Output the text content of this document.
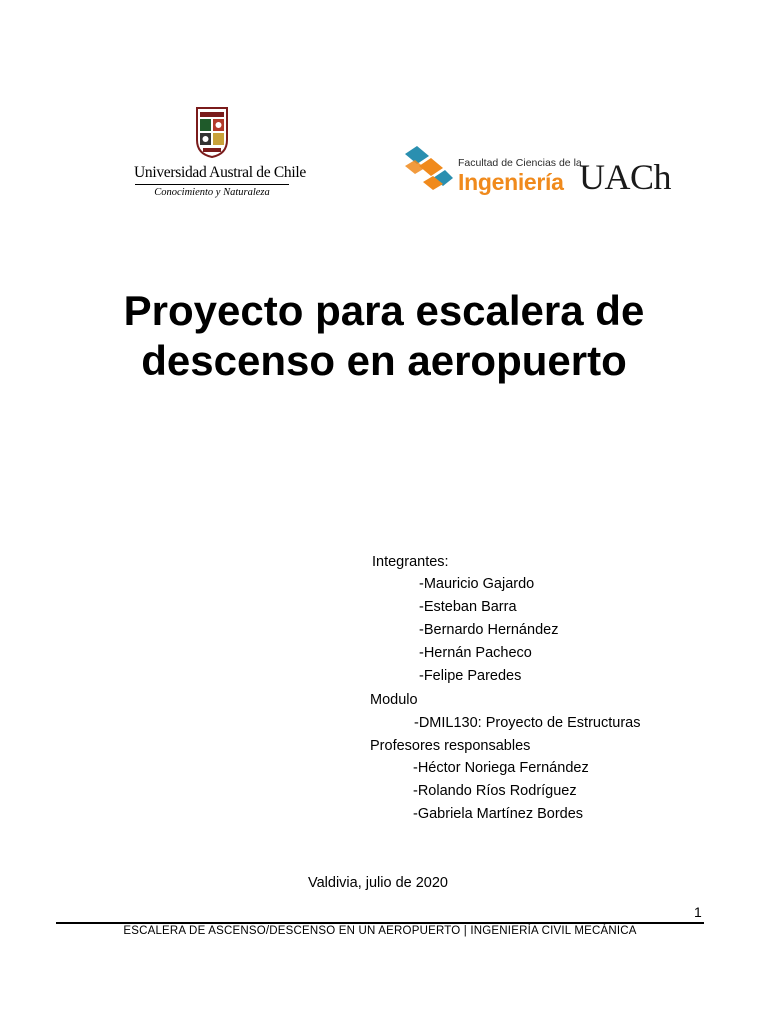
Universidad Austral de Chile
Conocimiento y Naturaleza
Facultad de Ciencias de la
Ingeniería UACh
Proyecto para escalera de
descenso en aeropuerto
Integrantes:
-Mauricio Gajardo
-Esteban Barra
-Bernardo Hernández
-Hernán Pacheco
-Felipe Paredes
Modulo
-DMIL130: Proyecto de Estructuras
Profesores responsables
-Héctor Noriega Fernández
-Rolando Ríos Rodríguez
-Gabriela Martínez Bordes
Valdivia, julio de 2020
1
ESCALERA DE ASCENSO/DESCENSO EN UN AEROPUERTO | INGENIERÍA CIVIL MECÁNICA
